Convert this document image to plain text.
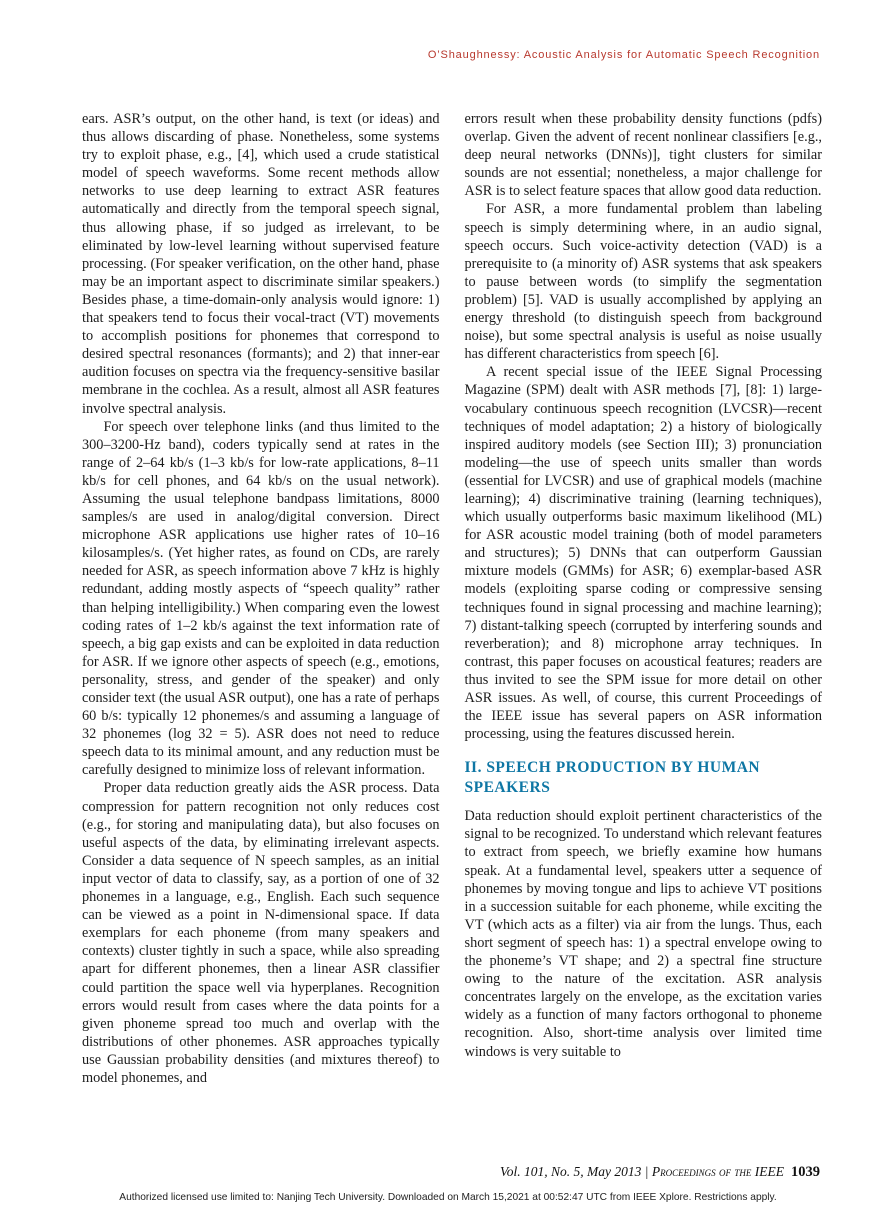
O’Shaughnessy: Acoustic Analysis for Automatic Speech Recognition

ears. ASR’s output, on the other hand, is text (or ideas) and thus allows discarding of phase. Nonetheless, some systems try to exploit phase, e.g., [4], which used a crude statistical model of speech waveforms. Some recent methods allow networks to use deep learning to extract ASR features automatically and directly from the temporal speech signal, thus allowing phase, if so judged as irrelevant, to be eliminated by low-level learning without supervised feature processing. (For speaker verification, on the other hand, phase may be an important aspect to discriminate similar speakers.) Besides phase, a time-domain-only analysis would ignore: 1) that speakers tend to focus their vocal-tract (VT) movements to accomplish positions for phonemes that correspond to desired spectral resonances (formants); and 2) that inner-ear audition focuses on spectra via the frequency-sensitive basilar membrane in the cochlea. As a result, almost all ASR features involve spectral analysis.

For speech over telephone links (and thus limited to the 300–3200-Hz band), coders typically send at rates in the range of 2–64 kb/s (1–3 kb/s for low-rate applications, 8–11 kb/s for cell phones, and 64 kb/s on the usual network). Assuming the usual telephone bandpass limitations, 8000 samples/s are used in analog/digital conversion. Direct microphone ASR applications use higher rates of 10–16 kilosamples/s. (Yet higher rates, as found on CDs, are rarely needed for ASR, as speech information above 7 kHz is highly redundant, adding mostly aspects of “speech quality” rather than helping intelligibility.) When comparing even the lowest coding rates of 1–2 kb/s against the text information rate of speech, a big gap exists and can be exploited in data reduction for ASR. If we ignore other aspects of speech (e.g., emotions, personality, stress, and gender of the speaker) and only consider text (the usual ASR output), one has a rate of perhaps 60 b/s: typically 12 phonemes/s and assuming a language of 32 phonemes (log 32 = 5). ASR does not need to reduce speech data to its minimal amount, and any reduction must be carefully designed to minimize loss of relevant information.

Proper data reduction greatly aids the ASR process. Data compression for pattern recognition not only reduces cost (e.g., for storing and manipulating data), but also focuses on useful aspects of the data, by eliminating irrelevant aspects. Consider a data sequence of N speech samples, as an initial input vector of data to classify, say, as a portion of one of 32 phonemes in a language, e.g., English. Each such sequence can be viewed as a point in N-dimensional space. If data exemplars for each phoneme (from many speakers and contexts) cluster tightly in such a space, while also spreading apart for different phonemes, then a linear ASR classifier could partition the space well via hyperplanes. Recognition errors would result from cases where the data points for a given phoneme spread too much and overlap with the distributions of other phonemes. ASR approaches typically use Gaussian probability densities (and mixtures thereof) to model phonemes, and

errors result when these probability density functions (pdfs) overlap. Given the advent of recent nonlinear classifiers [e.g., deep neural networks (DNNs)], tight clusters for similar sounds are not essential; nonetheless, a major challenge for ASR is to select feature spaces that allow good data reduction.

For ASR, a more fundamental problem than labeling speech is simply determining where, in an audio signal, speech occurs. Such voice-activity detection (VAD) is a prerequisite to (a minority of) ASR systems that ask speakers to pause between words (to simplify the segmentation problem) [5]. VAD is usually accomplished by applying an energy threshold (to distinguish speech from background noise), but some spectral analysis is useful as noise usually has different characteristics from speech [6].

A recent special issue of the IEEE Signal Processing Magazine (SPM) dealt with ASR methods [7], [8]: 1) large-vocabulary continuous speech recognition (LVCSR)—recent techniques of model adaptation; 2) a history of biologically inspired auditory models (see Section III); 3) pronunciation modeling—the use of speech units smaller than words (essential for LVCSR) and use of graphical models (machine learning); 4) discriminative training (learning techniques), which usually outperforms basic maximum likelihood (ML) for ASR acoustic model training (both of model parameters and structures); 5) DNNs that can outperform Gaussian mixture models (GMMs) for ASR; 6) exemplar-based ASR models (exploiting sparse coding or compressive sensing techniques found in signal processing and machine learning); 7) distant-talking speech (corrupted by interfering sounds and reverberation); and 8) microphone array techniques. In contrast, this paper focuses on acoustical features; readers are thus invited to see the SPM issue for more detail on other ASR issues. As well, of course, this current Proceedings of the IEEE issue has several papers on ASR information processing, using the features discussed herein.

II. SPEECH PRODUCTION BY HUMAN SPEAKERS

Data reduction should exploit pertinent characteristics of the signal to be recognized. To understand which relevant features to extract from speech, we briefly examine how humans speak. At a fundamental level, speakers utter a sequence of phonemes by moving tongue and lips to achieve VT positions in a succession suitable for each phoneme, while exciting the VT (which acts as a filter) via air from the lungs. Thus, each short segment of speech has: 1) a spectral envelope owing to the phoneme’s VT shape; and 2) a spectral fine structure owing to the nature of the excitation. ASR analysis concentrates largely on the envelope, as the excitation varies widely as a function of many factors orthogonal to phoneme recognition. Also, short-time analysis over limited time windows is very suitable to

Vol. 101, No. 5, May 2013 | Proceedings of the IEEE 1039
Authorized licensed use limited to: Nanjing Tech University. Downloaded on March 15,2021 at 00:52:47 UTC from IEEE Xplore. Restrictions apply.
